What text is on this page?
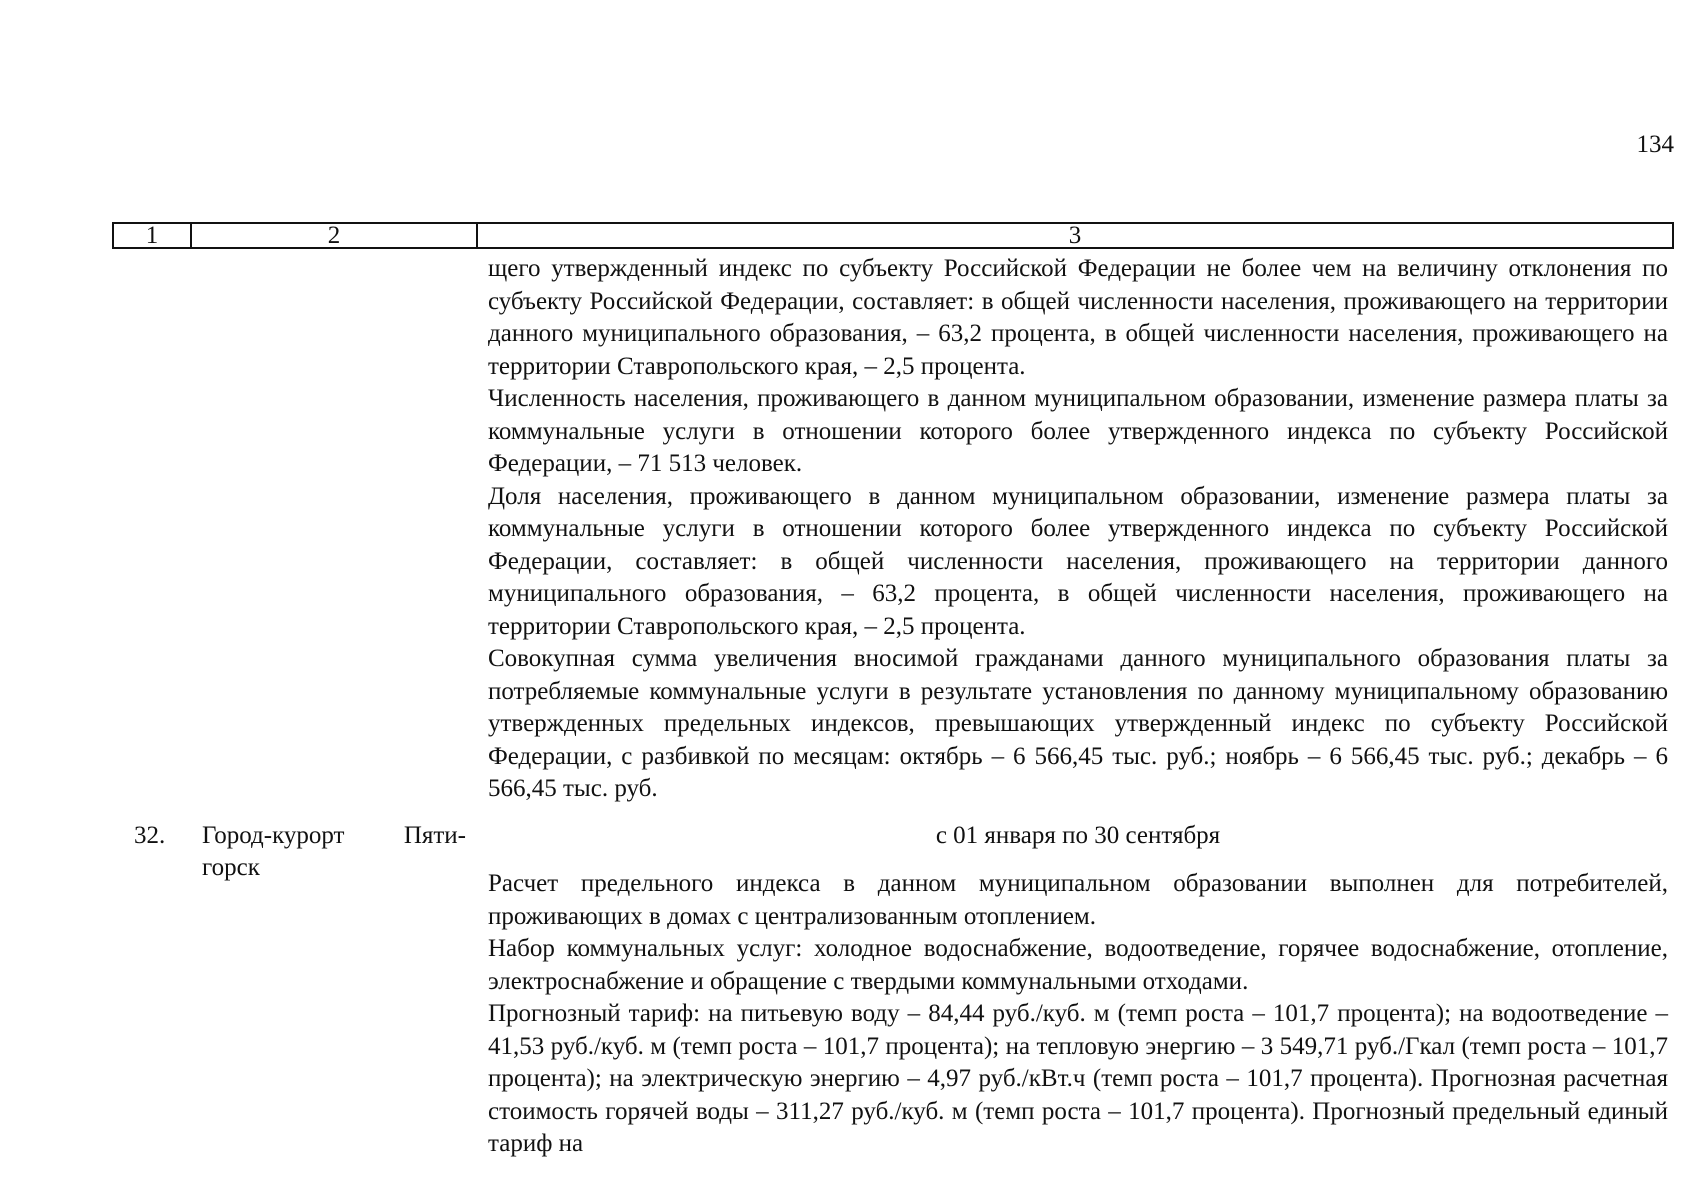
134
1	2	3

щего утвержденный индекс по субъекту Российской Федерации не более чем на величину отклонения по субъекту Российской Федерации, составляет: в общей численности населения, проживающего на территории данного муниципального образования, – 63,2 процента, в общей численности населения, проживающего на территории Ставропольского края, – 2,5 процента.

Численность населения, проживающего в данном муниципальном образовании, изменение размера платы за коммунальные услуги в отношении которого более утвержденного индекса по субъекту Российской Федерации, – 71 513 человек.

Доля населения, проживающего в данном муниципальном образовании, изменение размера платы за коммунальные услуги в отношении которого более утвержденного индекса по субъекту Российской Федерации, составляет: в общей численности населения, проживающего на территории данного муниципального образования, – 63,2 процента, в общей численности населения, проживающего на территории Ставропольского края, – 2,5 процента.

Совокупная сумма увеличения вносимой гражданами данного муниципального образования платы за потребляемые коммунальные услуги в результате установления по данному муниципальному образованию утвержденных предельных индексов, превышающих утвержденный индекс по субъекту Российской Федерации, с разбивкой по месяцам: октябрь – 6 566,45 тыс. руб.; ноябрь – 6 566,45 тыс. руб.; декабрь – 6 566,45 тыс. руб.

32. Город-курорт Пяти-
горск
с 01 января по 30 сентября

Расчет предельного индекса в данном муниципальном образовании выполнен для потребителей, проживающих в домах с централизованным отоплением.

Набор коммунальных услуг: холодное водоснабжение, водоотведение, горячее водоснабжение, отопление, электроснабжение и обращение с твердыми коммунальными отходами.

Прогнозный тариф: на питьевую воду – 84,44 руб./куб. м (темп роста – 101,7 процента); на водоотведение – 41,53 руб./куб. м (темп роста – 101,7 процента); на тепловую энергию – 3 549,71 руб./Гкал (темп роста – 101,7 процента); на электрическую энергию – 4,97 руб./кВт.ч (темп роста – 101,7 процента). Прогнозная расчетная стоимость горячей воды – 311,27 руб./куб. м (темп роста – 101,7 процента). Прогнозный предельный единый тариф на
